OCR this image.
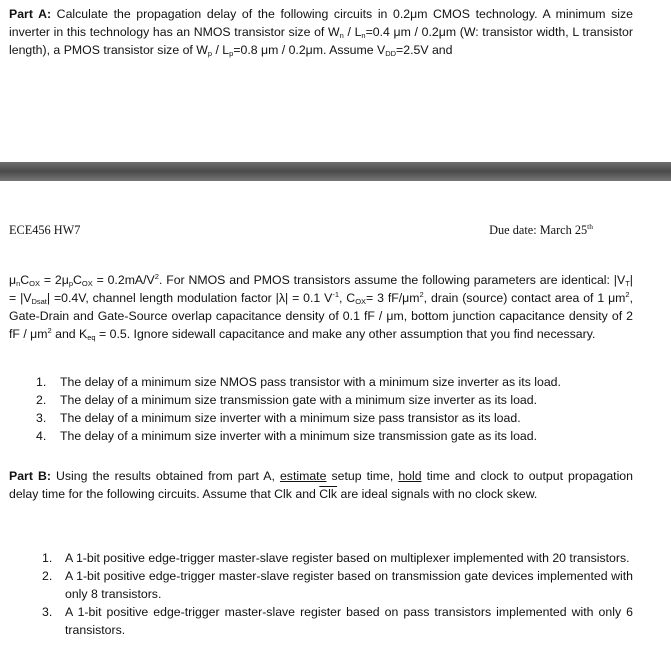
Part A: Calculate the propagation delay of the following circuits in 0.2μm CMOS technology. A minimum size inverter in this technology has an NMOS transistor size of $W_n / L_n=0.4$ μm / 0.2μm (W: transistor width, L transistor length), a PMOS transistor size of $W_p / L_p=0.8$ μm / 0.2μm. Assume $V_{DD}=2.5V$ and

ECE456 HW7	Due date: March 25th

$\mu_nC_{OX} = 2\mu_pC_{OX} = 0.2mA/V^2$. For NMOS and PMOS transistors assume the following parameters are identical: $|V_T| = |V_{Dsat}| =0.4V$, channel length modulation factor |λ| = 0.1 $V^{-1}$, $C_{OX}= 3$ $fF/\mu m^2$, drain (source) contact area of 1 $\mu m^2$, Gate-Drain and Gate-Source overlap capacitance density of 0.1 fF / μm, bottom junction capacitance density of 2 fF / $\mu m^2$ and $K_{eq} = 0.5$. Ignore sidewall capacitance and make any other assumption that you find necessary.

1. The delay of a minimum size NMOS pass transistor with a minimum size inverter as its load.
2. The delay of a minimum size transmission gate with a minimum size inverter as its load.
3. The delay of a minimum size inverter with a minimum size pass transistor as its load.
4. The delay of a minimum size inverter with a minimum size transmission gate as its load.

Part B: Using the results obtained from part A, estimate setup time, hold time and clock to output propagation delay time for the following circuits. Assume that Clk and $\overline{Clk}$ are ideal signals with no clock skew.

1. A 1-bit positive edge-trigger master-slave register based on multiplexer implemented with 20 transistors.
2. A 1-bit positive edge-trigger master-slave register based on transmission gate devices implemented with only 8 transistors.
3. A 1-bit positive edge-trigger master-slave register based on pass transistors implemented with only 6 transistors.
